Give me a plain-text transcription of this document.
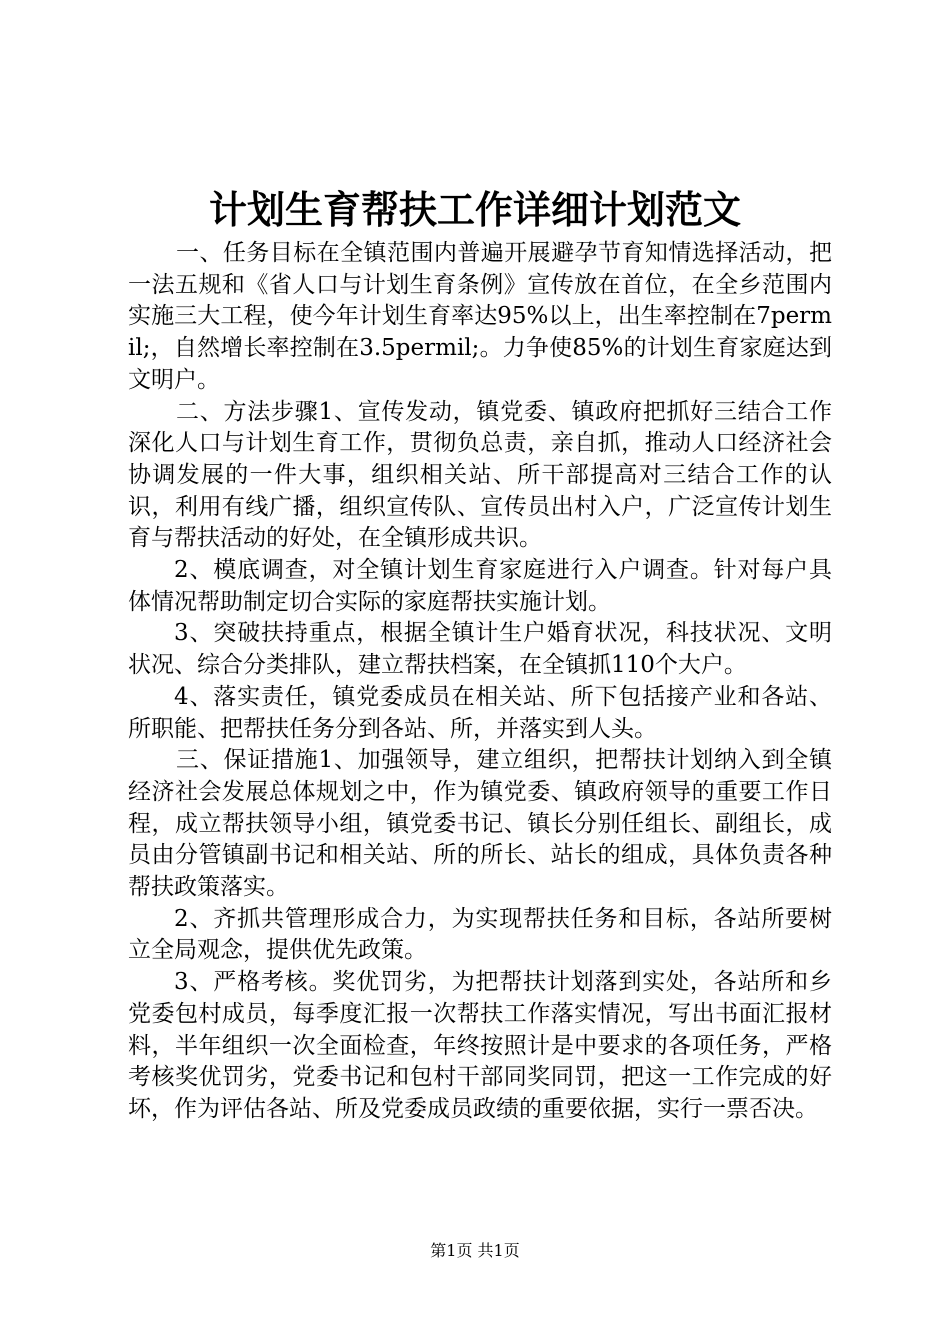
计划生育帮扶工作详细计划范文

一、任务目标在全镇范围内普遍开展避孕节育知情选择活动，把一法五规和《省人口与计划生育条例》宣传放在首位，在全乡范围内实施三大工程，使今年计划生育率达95%以上，出生率控制在7permil;，自然增长率控制在3.5permil;。力争使85%的计划生育家庭达到文明户。

二、方法步骤1、宣传发动，镇党委、镇政府把抓好三结合工作深化人口与计划生育工作，贯彻负总责，亲自抓，推动人口经济社会协调发展的一件大事，组织相关站、所干部提高对三结合工作的认识，利用有线广播，组织宣传队、宣传员出村入户，广泛宣传计划生育与帮扶活动的好处，在全镇形成共识。

2、模底调查，对全镇计划生育家庭进行入户调查。针对每户具体情况帮助制定切合实际的家庭帮扶实施计划。

3、突破扶持重点，根据全镇计生户婚育状况，科技状况、文明状况、综合分类排队，建立帮扶档案，在全镇抓110个大户。

4、落实责任，镇党委成员在相关站、所下包括接产业和各站、所职能、把帮扶任务分到各站、所，并落实到人头。

三、保证措施1、加强领导，建立组织，把帮扶计划纳入到全镇经济社会发展总体规划之中，作为镇党委、镇政府领导的重要工作日程，成立帮扶领导小组，镇党委书记、镇长分别任组长、副组长，成员由分管镇副书记和相关站、所的所长、站长的组成，具体负责各种帮扶政策落实。

2、齐抓共管理形成合力，为实现帮扶任务和目标，各站所要树立全局观念，提供优先政策。

3、严格考核。奖优罚劣，为把帮扶计划落到实处，各站所和乡党委包村成员，每季度汇报一次帮扶工作落实情况，写出书面汇报材料，半年组织一次全面检查，年终按照计是中要求的各项任务，严格考核奖优罚劣，党委书记和包村干部同奖同罚，把这一工作完成的好坏，作为评估各站、所及党委成员政绩的重要依据，实行一票否决。

第1页 共1页
